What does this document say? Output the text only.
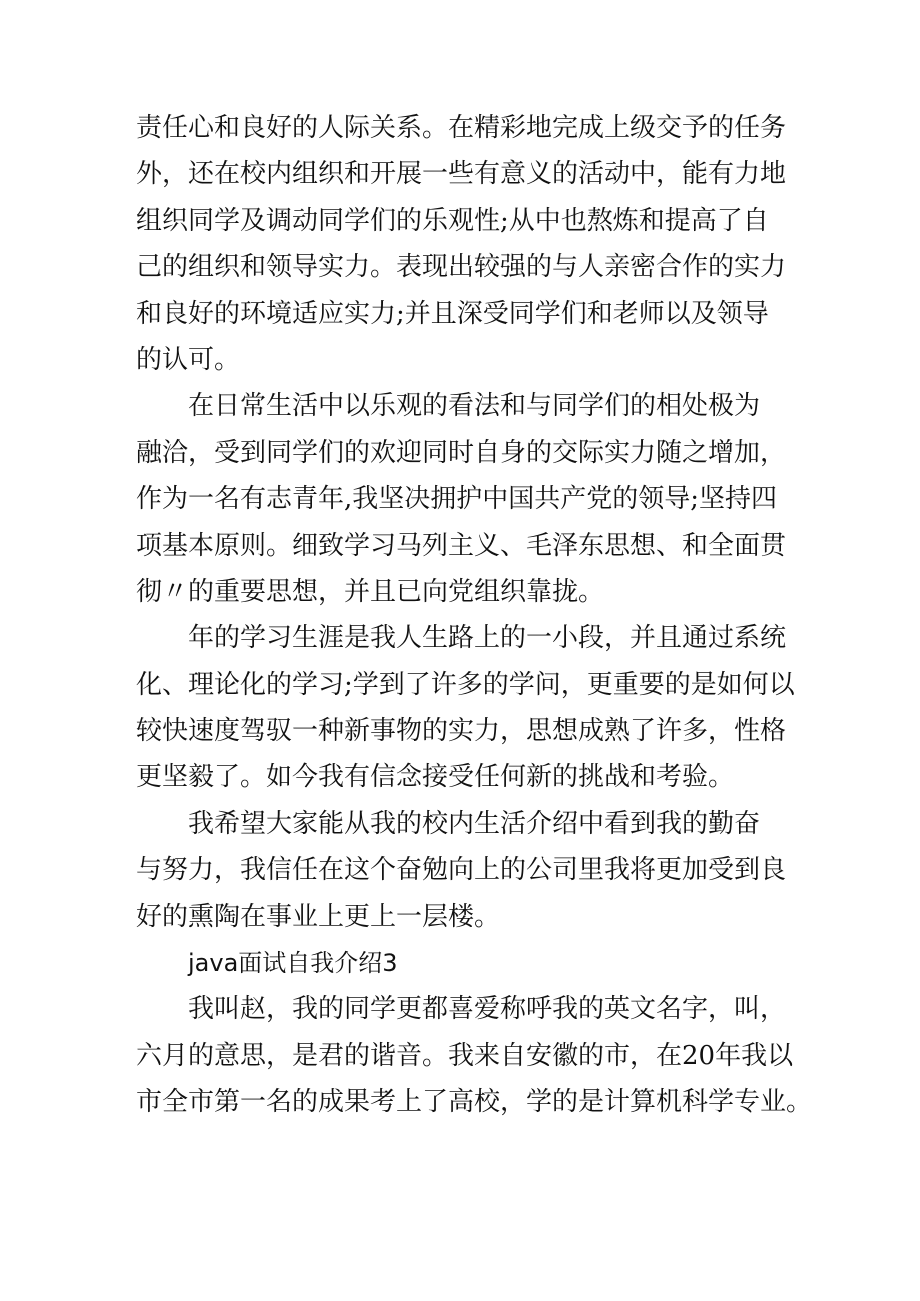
责任心和良好的人际关系。在精彩地完成上级交予的任务
外，还在校内组织和开展一些有意义的活动中，能有力地
组织同学及调动同学们的乐观性;从中也熬炼和提高了自
己的组织和领导实力。表现出较强的与人亲密合作的实力
和良好的环境适应实力;并且深受同学们和老师以及领导
的认可。
在日常生活中以乐观的看法和与同学们的相处极为
融洽，受到同学们的欢迎同时自身的交际实力随之增加，
作为一名有志青年,我坚决拥护中国共产党的领导;坚持四
项基本原则。细致学习马列主义、毛泽东思想、和全面贯
彻〃的重要思想，并且已向党组织靠拢。
年的学习生涯是我人生路上的一小段，并且通过系统
化、理论化的学习;学到了许多的学问，更重要的是如何以
较快速度驾驭一种新事物的实力，思想成熟了许多，性格
更坚毅了。如今我有信念接受任何新的挑战和考验。
我希望大家能从我的校内生活介绍中看到我的勤奋
与努力，我信任在这个奋勉向上的公司里我将更加受到良
好的熏陶在事业上更上一层楼。
java面试自我介绍3
我叫赵，我的同学更都喜爱称呼我的英文名字，叫，
六月的意思，是君的谐音。我来自安徽的市，在20年我以
市全市第一名的成果考上了高校，学的是计算机科学专业。
